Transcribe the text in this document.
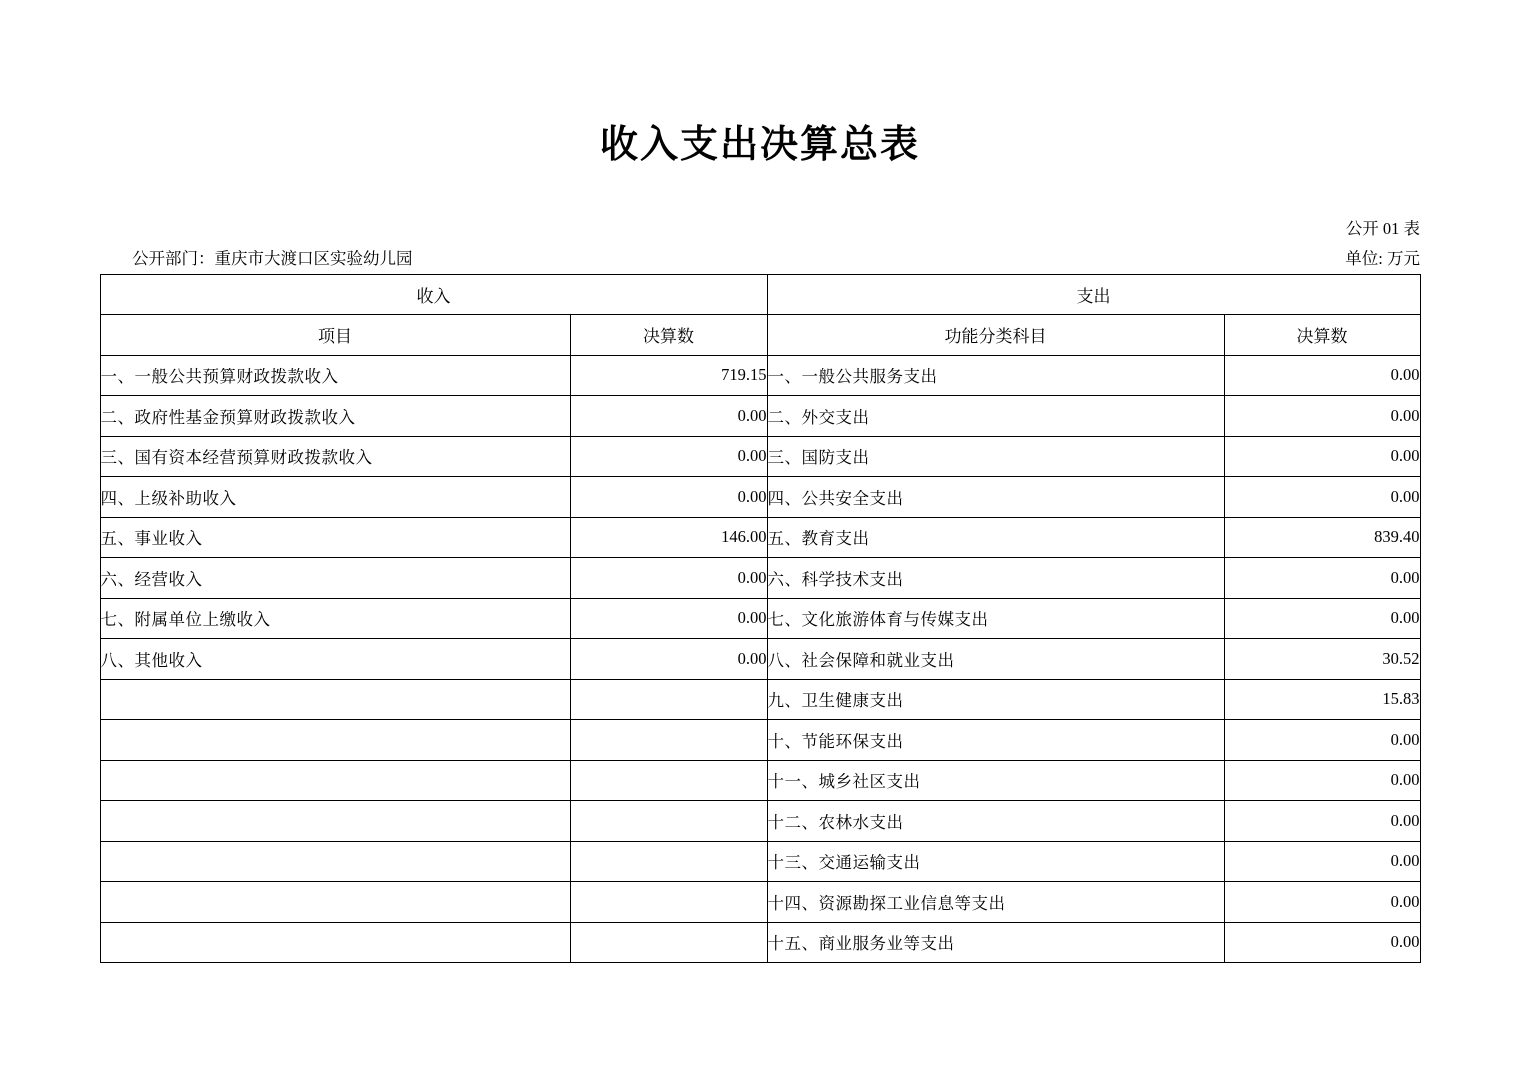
收入支出决算总表
公开 01 表
单位: 万元
公开部门：重庆市大渡口区实验幼儿园
收入		支出	
项目	决算数	功能分类科目	决算数
一、一般公共预算财政拨款收入	719.15	一、一般公共服务支出	0.00
二、政府性基金预算财政拨款收入	0.00	二、外交支出	0.00
三、国有资本经营预算财政拨款收入	0.00	三、国防支出	0.00
四、上级补助收入	0.00	四、公共安全支出	0.00
五、事业收入	146.00	五、教育支出	839.40
六、经营收入	0.00	六、科学技术支出	0.00
七、附属单位上缴收入	0.00	七、文化旅游体育与传媒支出	0.00
八、其他收入	0.00	八、社会保障和就业支出	30.52
		九、卫生健康支出	15.83
		十、节能环保支出	0.00
		十一、城乡社区支出	0.00
		十二、农林水支出	0.00
		十三、交通运输支出	0.00
		十四、资源勘探工业信息等支出	0.00
		十五、商业服务业等支出	0.00
